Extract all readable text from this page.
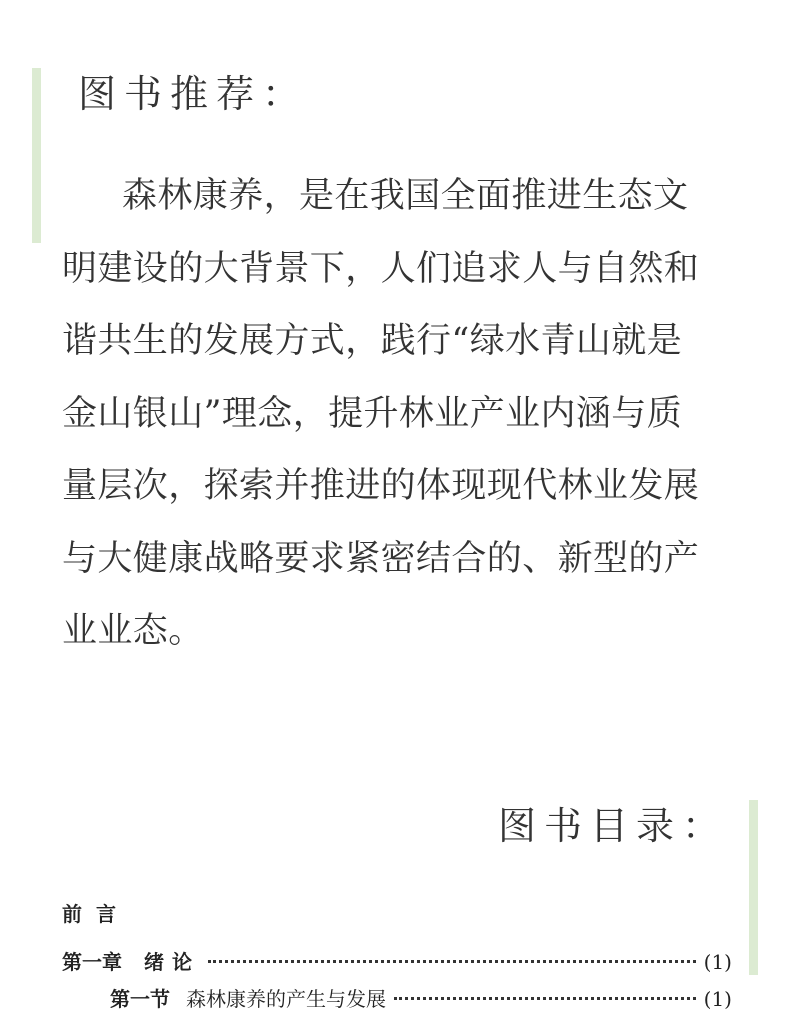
图书推荐：
森林康养，是在我国全面推进生态文
明建设的大背景下，人们追求人与自然和
谐共生的发展方式，践行“绿水青山就是
金山银山”理念，提升林业产业内涵与质
量层次，探索并推进的体现现代林业发展
与大健康战略要求紧密结合的、新型的产
业业态。
图书目录：
前言
第一章 绪论	(1)
第一节 森林康养的产生与发展	(1)
